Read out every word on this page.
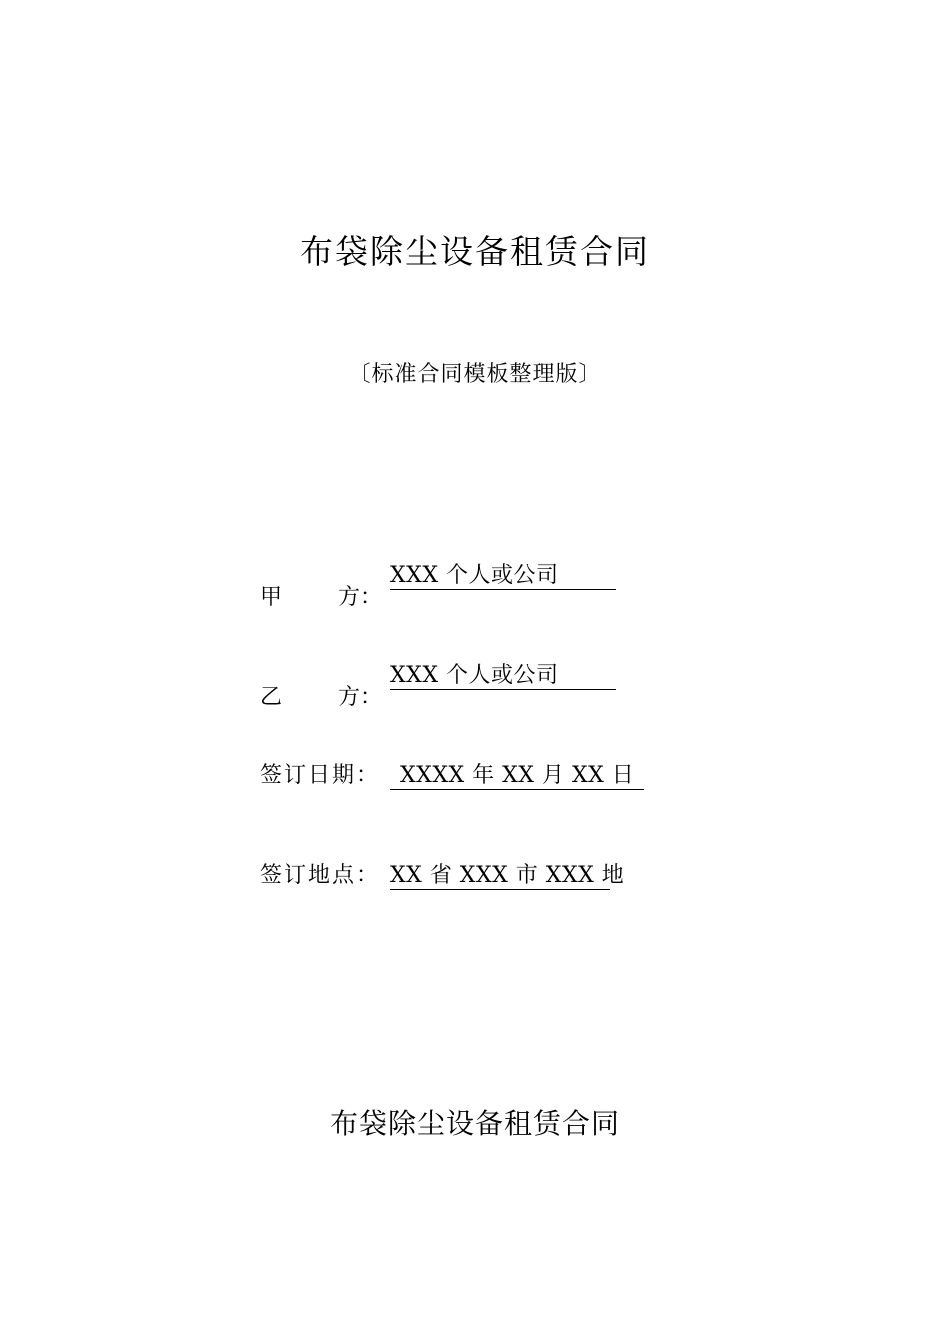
布袋除尘设备租赁合同
〔标准合同模板整理版〕
甲	方：
XXX 个人或公司
乙	方：
XXX 个人或公司
签订日期： XXXX 年 XX 月 XX 日
签订地点： XX 省 XXX 市 XXX 地
布袋除尘设备租赁合同
